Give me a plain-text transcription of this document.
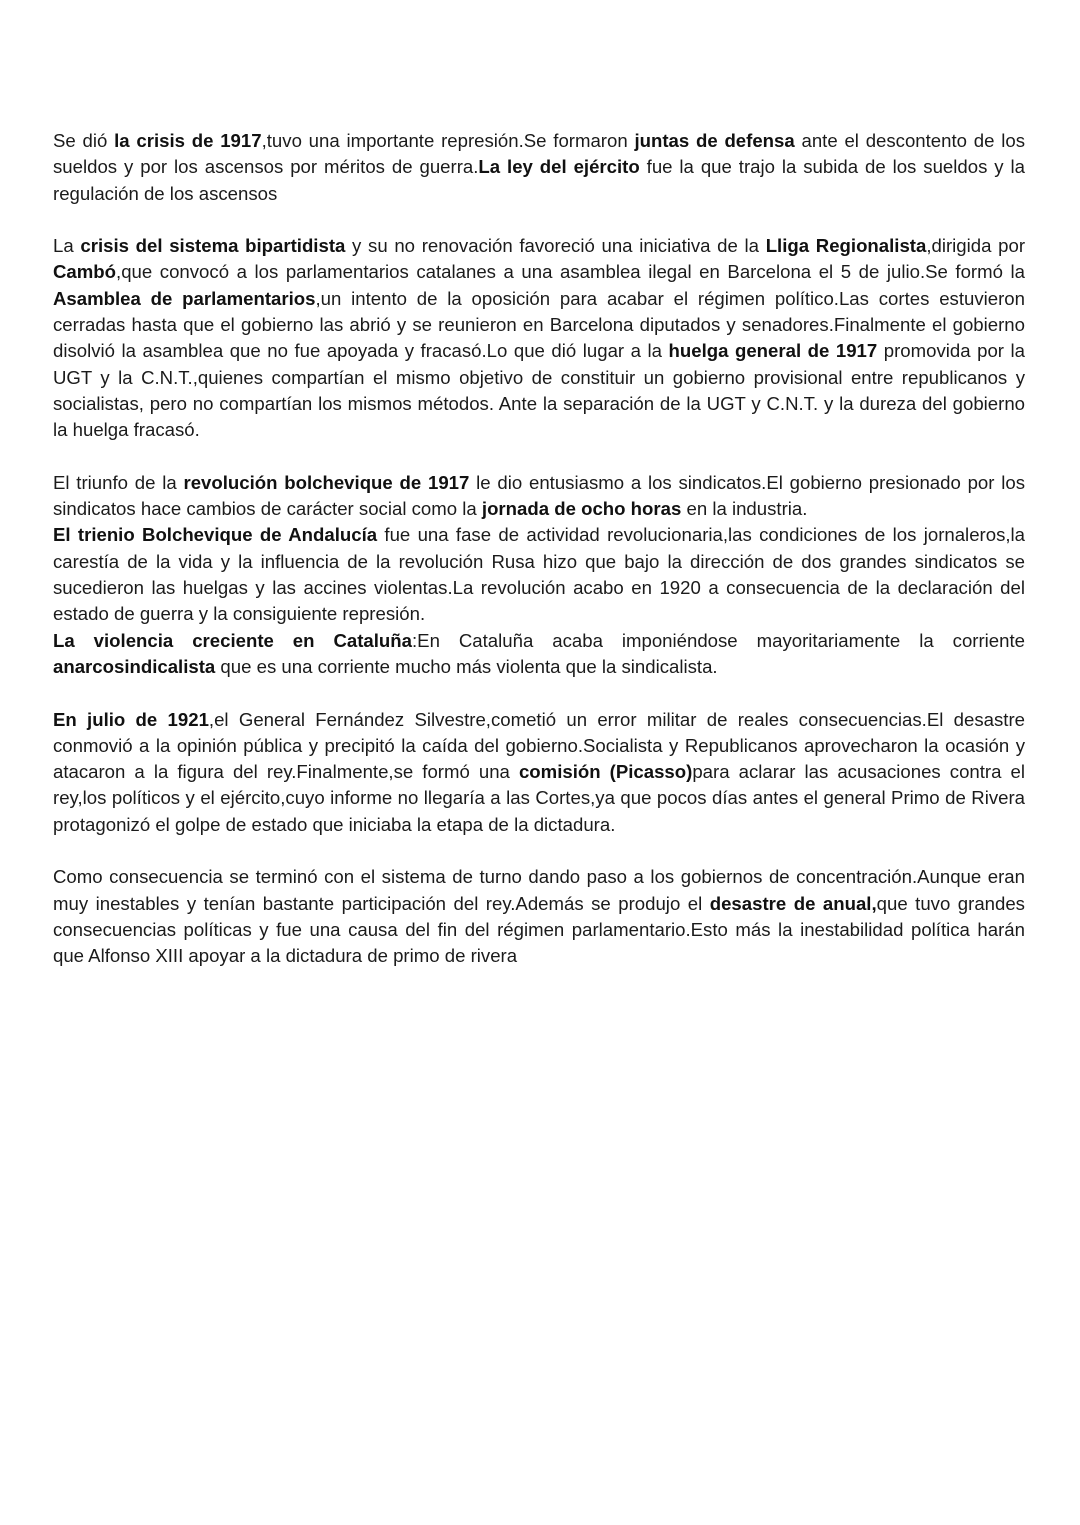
Se dió la crisis de 1917,tuvo una importante represión.Se formaron juntas de defensa ante el descontento de los sueldos y por los ascensos por méritos de guerra.La ley del ejército fue la que trajo la subida de los sueldos y la regulación de los ascensos

La crisis del sistema bipartidista y su no renovación favoreció una iniciativa de la Lliga Regionalista,dirigida por Cambó,que convocó a los parlamentarios catalanes a una asamblea ilegal en Barcelona el 5 de julio.Se formó la Asamblea de parlamentarios,un intento de la oposición para acabar el régimen político.Las cortes estuvieron cerradas hasta que el gobierno las abrió y se reunieron en Barcelona diputados y senadores.Finalmente el gobierno disolvió la asamblea que no fue apoyada y fracasó.Lo que dió lugar a la huelga general de 1917 promovida por la UGT y la C.N.T.,quienes compartían el mismo objetivo de constituir un gobierno provisional entre republicanos y socialistas, pero no compartían los mismos métodos. Ante la separación de la UGT y C.N.T. y la dureza del gobierno la huelga fracasó.

El triunfo de la revolución bolchevique de 1917 le dio entusiasmo a los sindicatos.El gobierno presionado por los sindicatos hace cambios de carácter social como la jornada de ocho horas en la industria.

El trienio Bolchevique de Andalucía fue una fase de actividad revolucionaria,las condiciones de los jornaleros,la carestía de la vida y la influencia de la revolución Rusa hizo que bajo la dirección de dos grandes sindicatos se sucedieron las huelgas y las accines violentas.La revolución acabo en 1920 a consecuencia de la declaración del estado de guerra y la consiguiente represión.

La violencia creciente en Cataluña:En Cataluña acaba imponiéndose mayoritariamente la corriente anarcosindicalista que es una corriente mucho más violenta que la sindicalista.

En julio de 1921,el General Fernández Silvestre,cometió un error militar de reales consecuencias.El desastre conmovió a la opinión pública y precipitó la caída del gobierno.Socialista y Republicanos aprovecharon la ocasión y atacaron a la figura del rey.Finalmente,se formó una comisión (Picasso)para aclarar las acusaciones contra el rey,los políticos y el ejército,cuyo informe no llegaría a las Cortes,ya que pocos días antes el general Primo de Rivera protagonizó el golpe de estado que iniciaba la etapa de la dictadura.

Como consecuencia se terminó con el sistema de turno dando paso a los gobiernos de concentración.Aunque eran muy inestables y tenían bastante participación del rey.Además se produjo el desastre de anual,que tuvo grandes consecuencias políticas y fue una causa del fin del régimen parlamentario.Esto más la inestabilidad política harán que Alfonso XIII apoyar a la dictadura de primo de rivera
